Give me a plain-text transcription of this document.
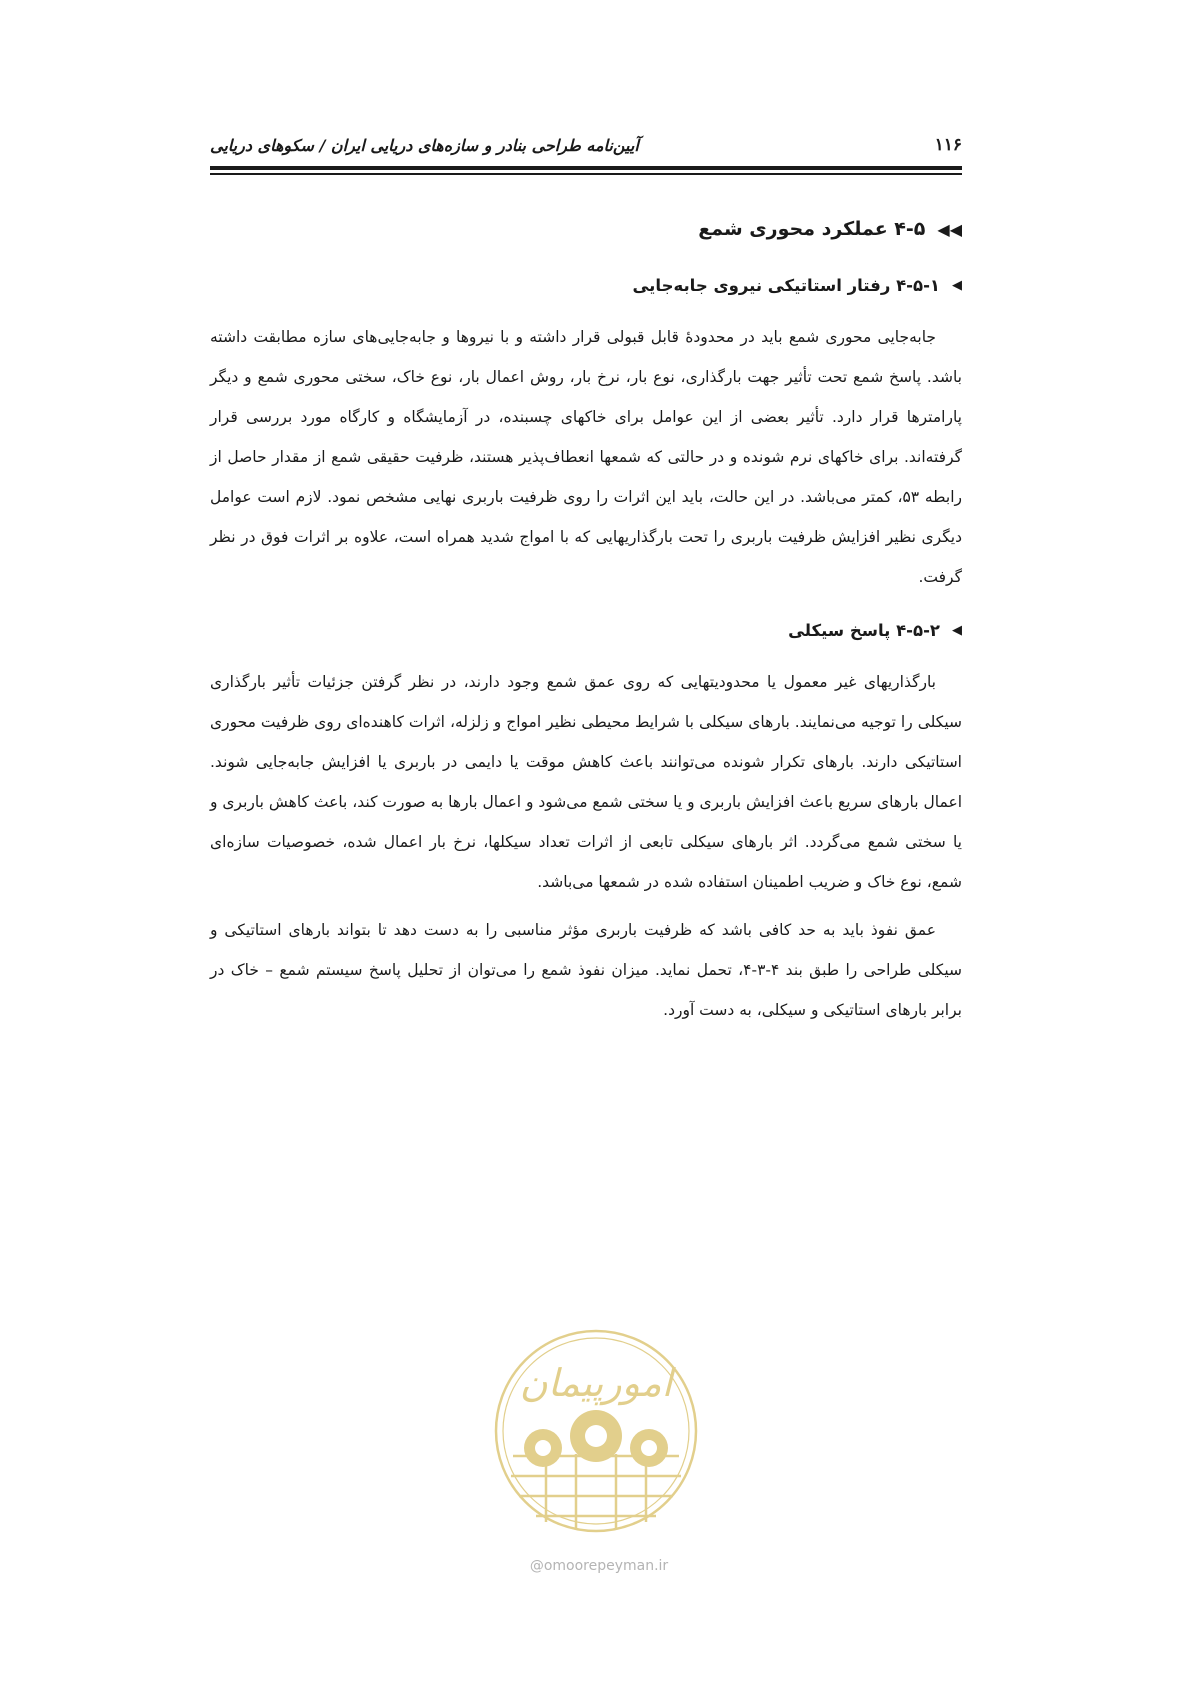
۱۱۶
آیین‌نامه طراحی بنادر و سازه‌های دریایی ایران / سکوهای دریایی
◀◀
۴-۵ عملکرد محوری شمع
◀
۴-۵-۱ رفتار استاتیکی نیروی جابه‌جایی

جابه‌جایی محوری شمع باید در محدودۀ قابل قبولی قرار داشته و با نیروها و جابه‌جایی‌های سازه مطابقت داشته باشد. پاسخ شمع تحت تأثیر جهت بارگذاری، نوع بار، نرخ بار، روش اعمال بار، نوع خاک، سختی محوری شمع و دیگر پارامترها قرار دارد. تأثیر بعضی از این عوامل برای خاکهای چسبنده، در آزمایشگاه و کارگاه مورد بررسی قرار گرفته‌اند. برای خاکهای نرم شونده و در حالتی که شمعها انعطاف‌پذیر هستند، ظرفیت حقیقی شمع از مقدار حاصل از رابطه ۵۳، کمتر می‌باشد. در این حالت، باید این اثرات را روی ظرفیت باربری نهایی مشخص نمود. لازم است عوامل دیگری نظیر افزایش ظرفیت باربری را تحت بارگذاریهایی که با امواج شدید همراه است، علاوه بر اثرات فوق در نظر گرفت.

◀
۴-۵-۲ پاسخ سیکلی

بارگذاریهای غیر معمول یا محدودیتهایی که روی عمق شمع وجود دارند، در نظر گرفتن جزئیات تأثیر بارگذاری سیکلی را توجیه می‌نمایند. بارهای سیکلی با شرایط محیطی نظیر امواج و زلزله، اثرات کاهنده‌ای روی ظرفیت محوری استاتیکی دارند. بارهای تکرار شونده می‌توانند باعث کاهش موقت یا دایمی در باربری یا افزایش جابه‌جایی شوند. اعمال بارهای سریع باعث افزایش باربری و یا سختی شمع می‌شود و اعمال بارها به صورت کند، باعث کاهش باربری و یا سختی شمع می‌گردد. اثر بارهای سیکلی تابعی از اثرات تعداد سیکلها، نرخ بار اعمال شده، خصوصیات سازه‌ای شمع، نوع خاک و ضریب اطمینان استفاده شده در شمعها می‌باشد.

عمق نفوذ باید به حد کافی باشد که ظرفیت باربری مؤثر مناسبی را به دست دهد تا بتواند بارهای استاتیکی و سیکلی طراحی را طبق بند ۴-۳-۴، تحمل نماید. میزان نفوذ شمع را می‌توان از تحلیل پاسخ سیستم شمع – خاک در برابر بارهای استاتیکی و سیکلی، به دست آورد.

امورپیمان
@omoorepeyman.ir
